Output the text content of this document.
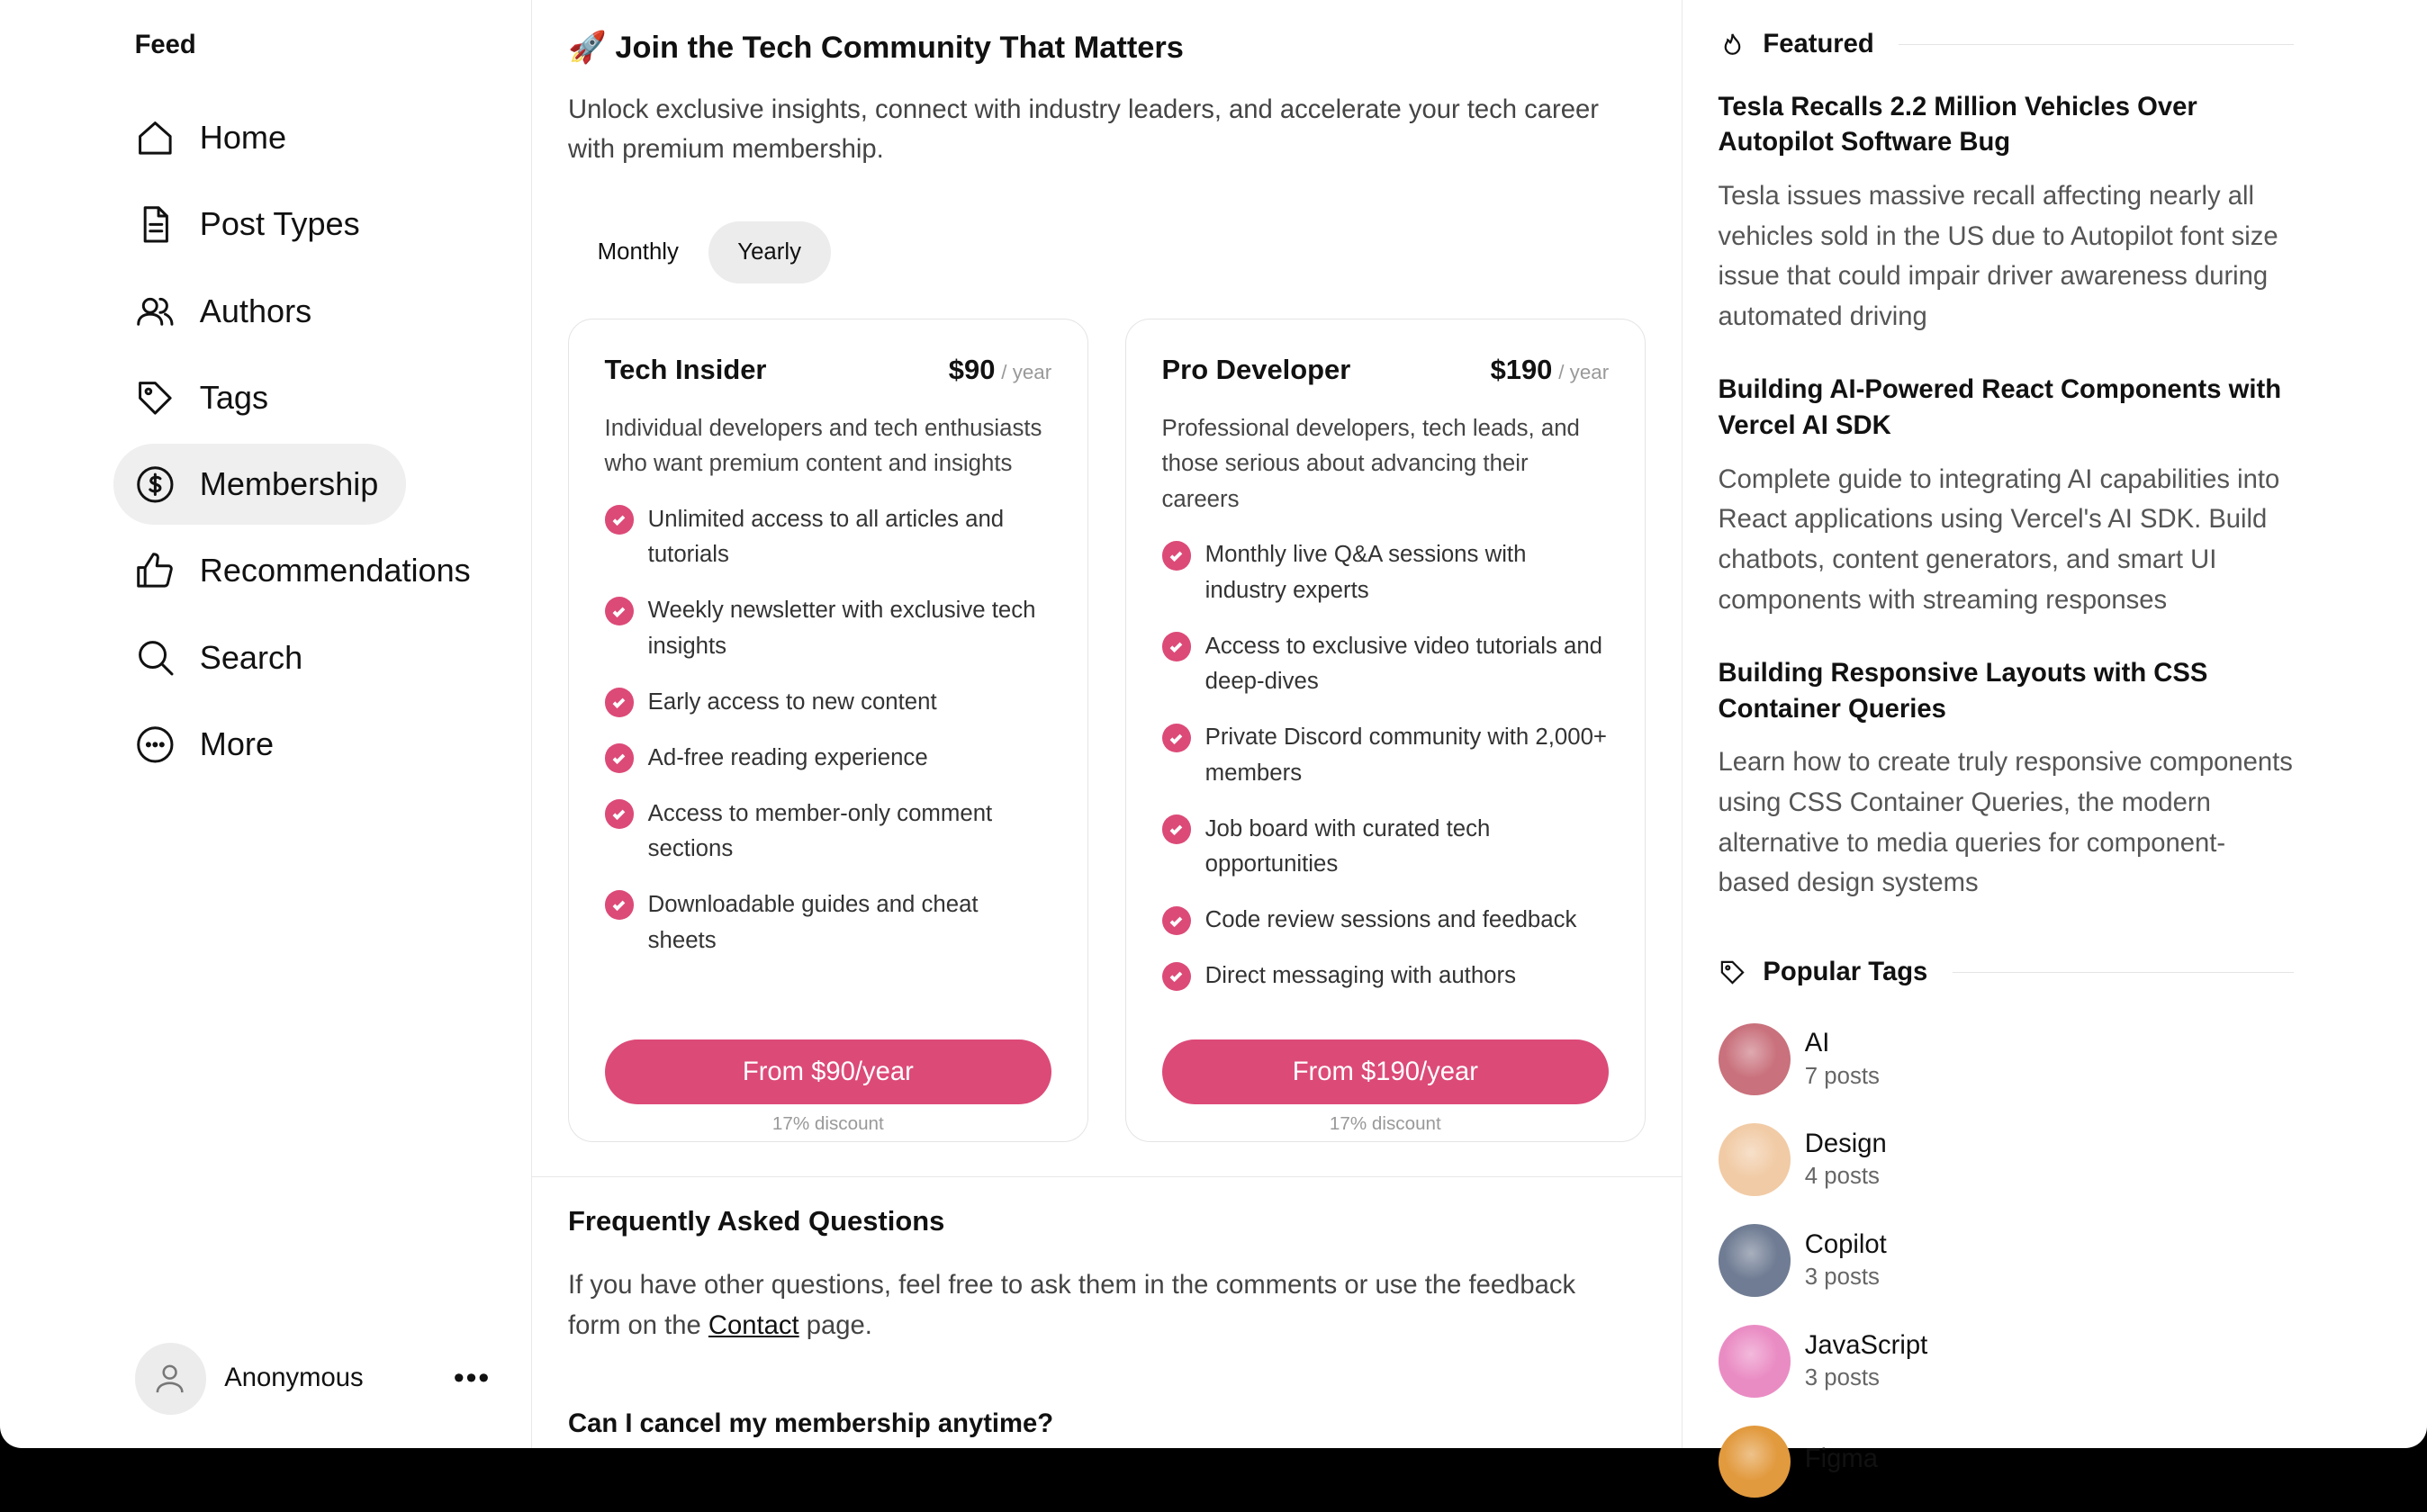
Feed
Home
Post Types
Authors
Tags
Membership
Recommendations
Search
More
Anonymous	•••
🚀 Join the Tech Community That Matters
Unlock exclusive insights, connect with industry leaders, and accelerate your tech career with premium membership.
Monthly	Yearly
Tech Insider	$90 / year
Individual developers and tech enthusiasts who want premium content and insights
Unlimited access to all articles and tutorials
Weekly newsletter with exclusive tech insights
Early access to new content
Ad-free reading experience
Access to member-only comment sections
Downloadable guides and cheat sheets
From $90/year
17% discount
Pro Developer	$190 / year
Professional developers, tech leads, and those serious about advancing their careers
Monthly live Q&A sessions with industry experts
Access to exclusive video tutorials and deep-dives
Private Discord community with 2,000+ members
Job board with curated tech opportunities
Code review sessions and feedback
Direct messaging with authors
From $190/year
17% discount
Frequently Asked Questions
If you have other questions, feel free to ask them in the comments or use the feedback form on the Contact page.
Can I cancel my membership anytime?
Featured
Tesla Recalls 2.2 Million Vehicles Over Autopilot Software Bug
Tesla issues massive recall affecting nearly all vehicles sold in the US due to Autopilot font size issue that could impair driver awareness during automated driving
Building AI-Powered React Components with Vercel AI SDK
Complete guide to integrating AI capabilities into React applications using Vercel's AI SDK. Build chatbots, content generators, and smart UI components with streaming responses
Building Responsive Layouts with CSS Container Queries
Learn how to create truly responsive components using CSS Container Queries, the modern alternative to media queries for component-based design systems
Popular Tags
AI
7 posts
Design
4 posts
Copilot
3 posts
JavaScript
3 posts
Figma
